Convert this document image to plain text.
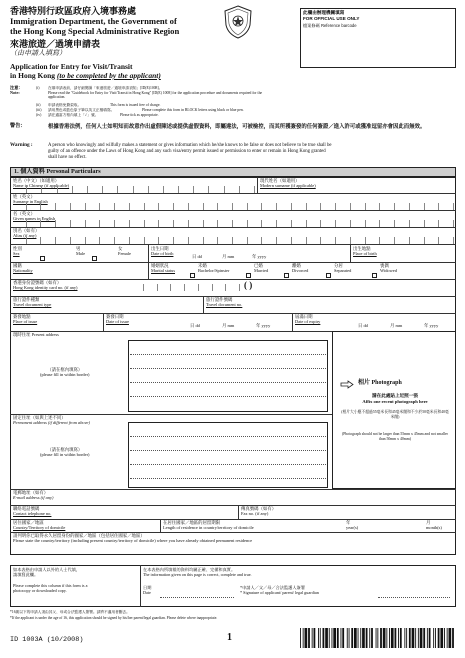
香港特別行政區政府入境事務處
Immigration Department, the Government of
the Hong Kong Special Administrative Region
來港旅遊／過境申請表
（由申請人填寫）
Application for Entry for Visit/Transit
in Hong Kong (to be completed by the applicant)
此欄由辦理機關填寫
FOR OFFICIAL USE ONLY
檔案條碼 Reference barcode
注意：
Note:
(i) 在填申請表前，請仔細閱讀「來港旅遊／過境申請須知」[ID(E)1008]。
Please read the "Guidebook for Entry for Visit/Transit in Hong Kong" [ID(E) 1008] for the application procedure and documents required for the application.
(ii) 申請表格免費索取。	This form is issued free of charge.
(iii) 請用黑色或藍色原子筆以英文正楷填寫。	Please complete this form in BLOCK letters using black or blue pen.
(iv) 請在適當方格內填上「✓」號。	Please tick as appropriate.
警告：
Warning :
根據香港法例，任何人士如明知而故意作出虛假陳述或提供虛假資料，即屬違法，可被檢控，而其所獲簽發的任何簽證／進入許可或獲准逗留亦會因此而無效。
A person who knowingly and wilfully makes a statement or gives information which he/she knows to be false or does not believe to be true shall be
guilty of an offence under the Laws of Hong Kong and any such visa/entry permit issued or permission to enter or remain in Hong Kong granted
shall have no effect.
1. 個人資料 Personal Particulars
姓名（中文）（如適用）
Name in Chinese (if applicable)
現代姓名（如適用）
Modern surname (if applicable)
姓（英文）
Surname in English
名（英文）
Given names in English
別名（如有）
Alias (if any)
性別
Sex
男
Male
女
Female
出生日期
Date of birth
日 dd	月 mm	年 yyyy
出生地點
Place of birth
國籍
Nationality
婚姻狀況
Marital status
未婚
Bachelor/Spinster
已婚
Married
離婚
Divorced
分居
Separated
喪偶
Widowed
香港身份證號碼（如有）
Hong Kong identity card no. (if any)	( )
旅行證件種類
Travel document type
旅行證件號碼
Travel document no.
簽發地點
Place of issue
簽發日期
Date of issue
日 dd	月 mm	年 yyyy
屆滿日期
Date of expiry
日 dd	月 mm	年 yyyy
現時住址 Present address
（請在框內填寫）
(please fill in within border)
固定住址（如與上述不同）
Permanent address (if different from above)
（請在框內填寫）
(please fill in within border)
相片 Photograph
請在此處貼上近照一張
Affix one recent photograph here
(相片大小應不超過55毫米長和45毫米闊和不少於50毫米長和40毫米闊)
(Photograph should not be larger than 55mm x 45mm and not smaller than 50mm x 40mm)
電郵地址（如有）
E-mail address (if any)
聯絡電話號碼
Contact telephone no.
傳真號碼（如有）
Fax no. (if any)
居住國家／地區
Country/Territory of domicile
在居住國家／地區的居留期限
Length of residence in country/territory of domicile
年
year(s)
月
month(s)
請列明你已取得永久居留身份的國家／地區（包括居住國家／地區）
Please state the country/territory (including present country/territory of domicile) where you have already obtained permanent residence
如本表格由申請人以外的人士代填，
請填寫此欄。
Please complete this column if this form is a
photocopy or downloaded copy.
在本表格內所填報的資料均屬正確、完備和真實。
The information given on this page is correct, complete and true.
日期
Date
*申請人／父／母／合法監護人簽署
* Signature of applicant/ parent/ legal guardian
*16歲以下的申請人須由其父、母或合法監護人簽署。請將不適用者刪去。
*If the applicant is under the age of 16, this application should be signed by his/her parent/legal guardian. Please delete where inappropriate.
ID 1003A (10/2008)	1
